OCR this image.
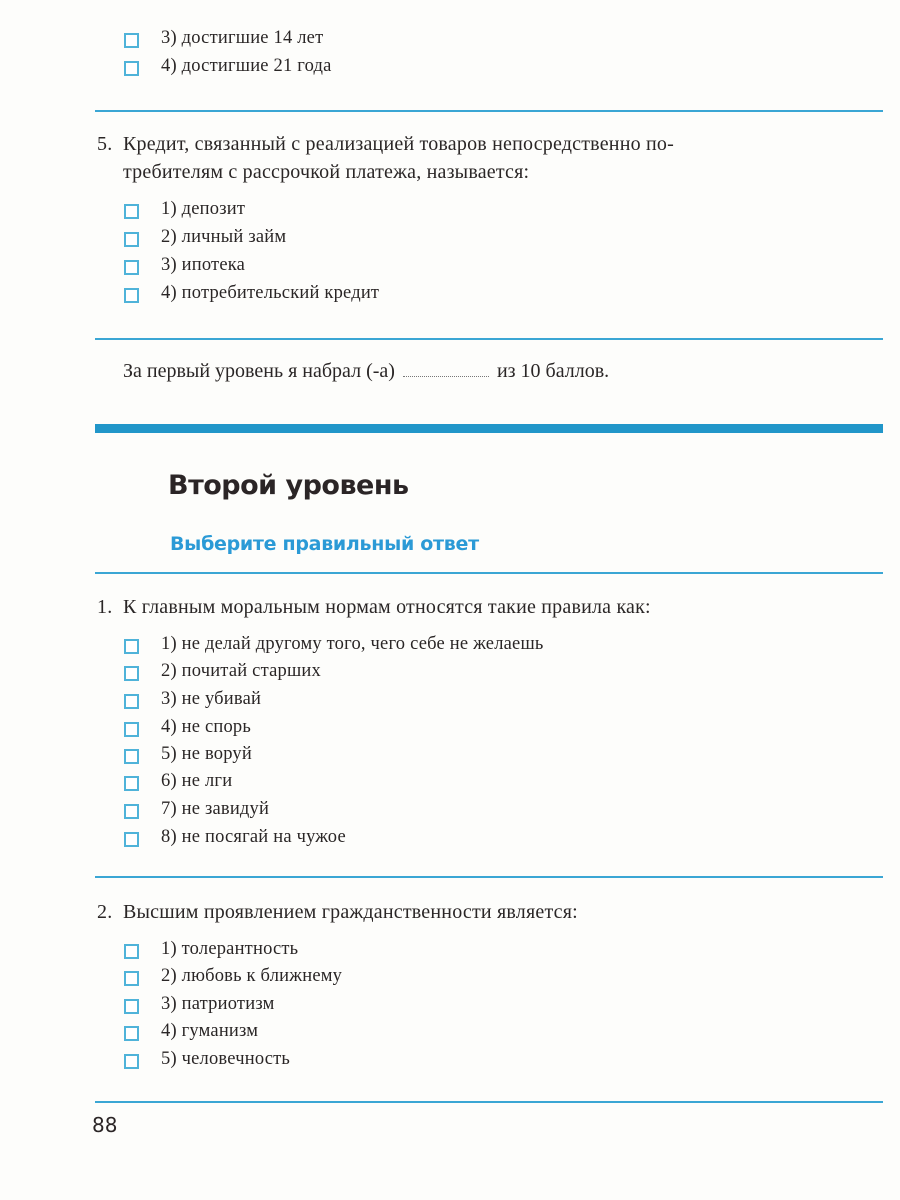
3) достигшие 14 лет
4) достигшие 21 года
5. Кредит, связанный с реализацией товаров непосредственно по-
требителям с рассрочкой платежа, называется:
1) депозит
2) личный займ
3) ипотека
4) потребительский кредит
За первый уровень я набрал (-а)	из 10 баллов.
Второй уровень
Выберите правильный ответ
1. К главным моральным нормам относятся такие правила как:
1) не делай другому того, чего себе не желаешь
2) почитай старших
3) не убивай
4) не спорь
5) не воруй
6) не лги
7) не завидуй
8) не посягай на чужое
2. Высшим проявлением гражданственности является:
1) толерантность
2) любовь к ближнему
3) патриотизм
4) гуманизм
5) человечность
88
